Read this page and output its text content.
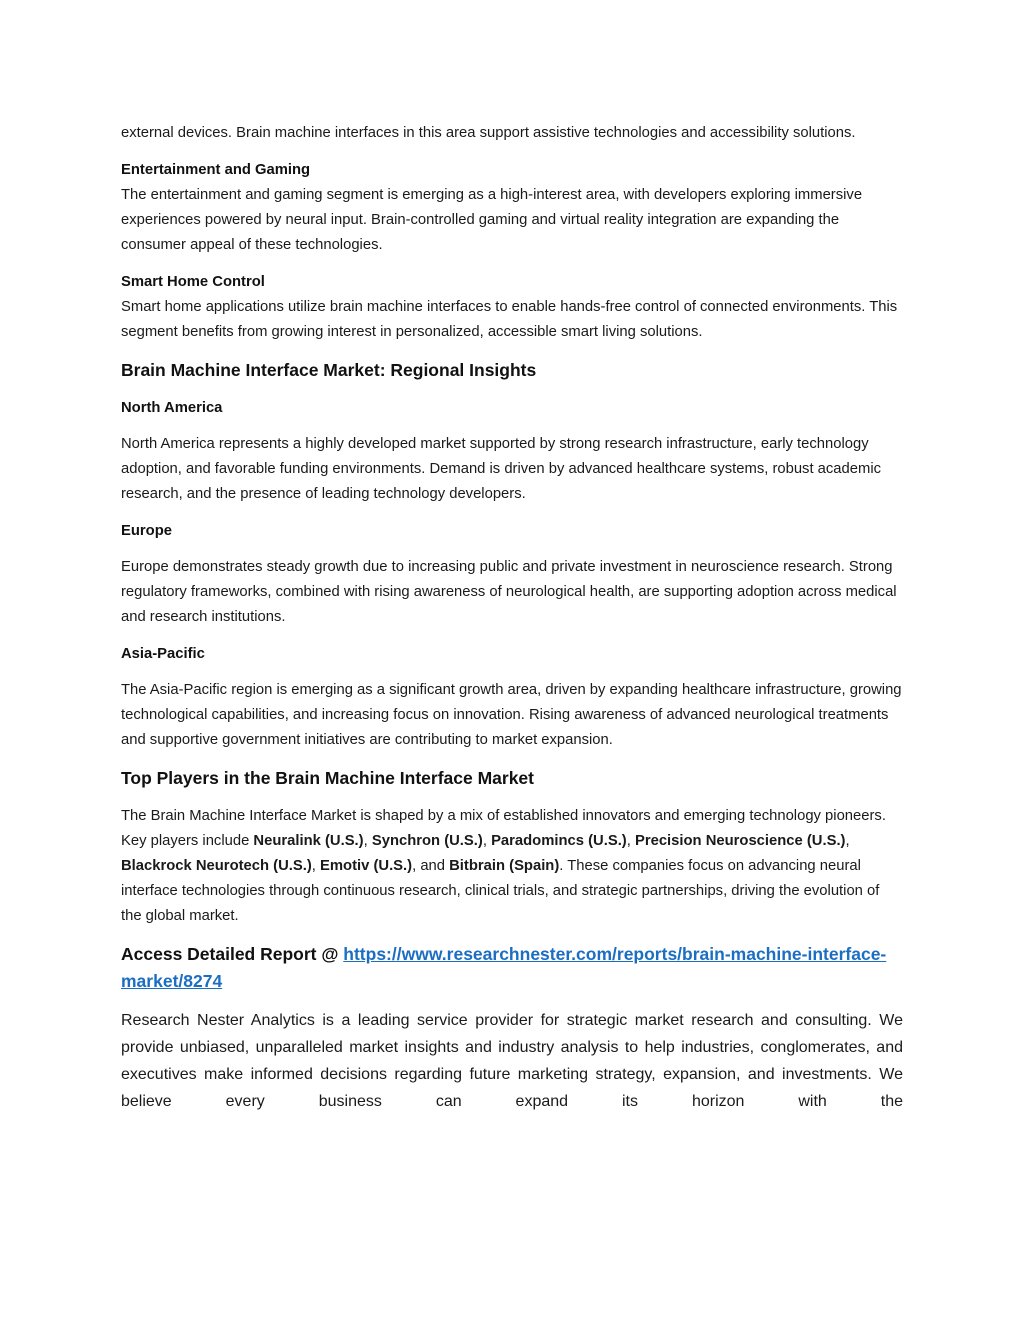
external devices. Brain machine interfaces in this area support assistive technologies and accessibility solutions.

Entertainment and Gaming

The entertainment and gaming segment is emerging as a high-interest area, with developers exploring immersive experiences powered by neural input. Brain-controlled gaming and virtual reality integration are expanding the consumer appeal of these technologies.

Smart Home Control

Smart home applications utilize brain machine interfaces to enable hands-free control of connected environments. This segment benefits from growing interest in personalized, accessible smart living solutions.

Brain Machine Interface Market: Regional Insights

North America

North America represents a highly developed market supported by strong research infrastructure, early technology adoption, and favorable funding environments. Demand is driven by advanced healthcare systems, robust academic research, and the presence of leading technology developers.

Europe

Europe demonstrates steady growth due to increasing public and private investment in neuroscience research. Strong regulatory frameworks, combined with rising awareness of neurological health, are supporting adoption across medical and research institutions.

Asia-Pacific

The Asia-Pacific region is emerging as a significant growth area, driven by expanding healthcare infrastructure, growing technological capabilities, and increasing focus on innovation. Rising awareness of advanced neurological treatments and supportive government initiatives are contributing to market expansion.

Top Players in the Brain Machine Interface Market

The Brain Machine Interface Market is shaped by a mix of established innovators and emerging technology pioneers. Key players include Neuralink (U.S.), Synchron (U.S.), Paradomincs (U.S.), Precision Neuroscience (U.S.), Blackrock Neurotech (U.S.), Emotiv (U.S.), and Bitbrain (Spain). These companies focus on advancing neural interface technologies through continuous research, clinical trials, and strategic partnerships, driving the evolution of the global market.

Access Detailed Report @ https://www.researchnester.com/reports/brain-machine-interface-market/8274

Research Nester Analytics is a leading service provider for strategic market research and consulting. We provide unbiased, unparalleled market insights and industry analysis to help industries, conglomerates, and executives make informed decisions regarding future marketing strategy, expansion, and investments. We believe every business can expand its horizon with the
